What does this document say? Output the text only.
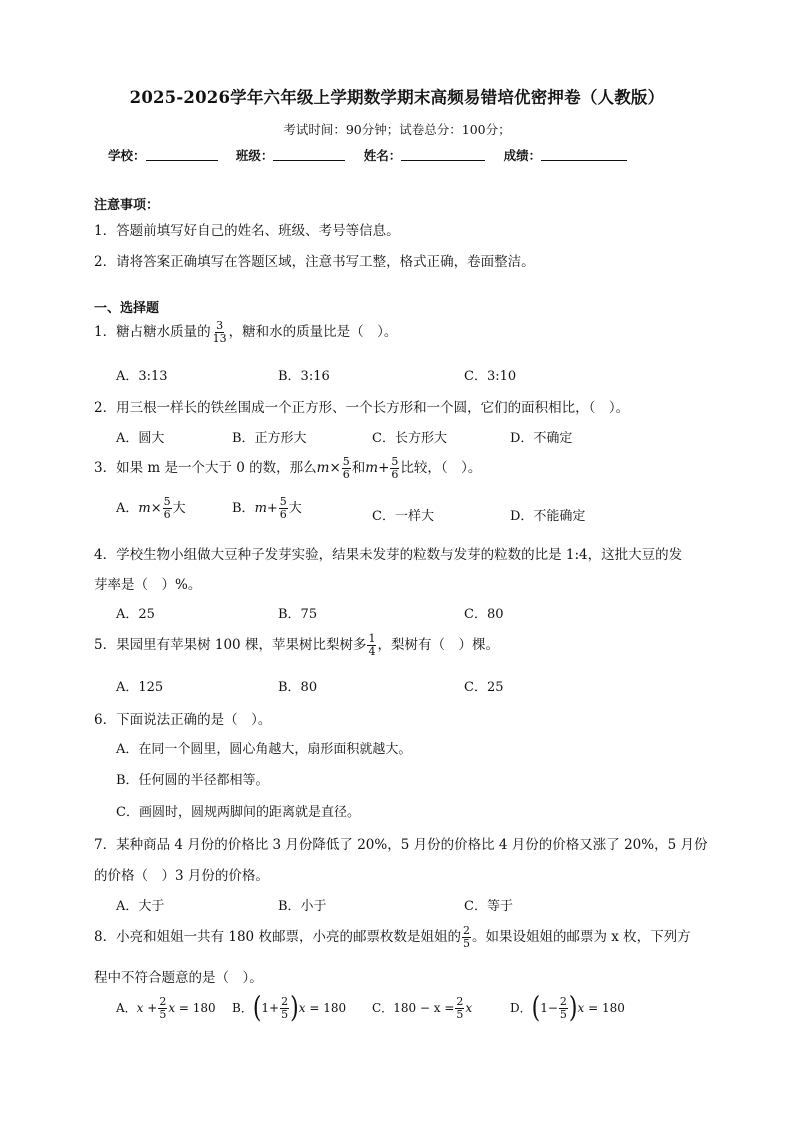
2025-2026学年六年级上学期数学期末高频易错培优密押卷（人教版）
考试时间：90分钟；试卷总分：100分；
学校：	班级：	姓名：	成绩：
注意事项：
1．答题前填写好自己的姓名、班级、考号等信息。
2．请将答案正确填写在答题区域，注意书写工整，格式正确，卷面整洁。
一、选择题
1．糖占糖水质量的 $\frac{3}{13}$ ，糖和水的质量比是（　）。
A．3:13	B．3:16	C．3:10
2．用三根一样长的铁丝围成一个正方形、一个长方形和一个圆，它们的面积相比，（　）。
A．圆大	B．正方形大	C．长方形大	D．不确定
3．如果 m 是一个大于 0 的数，那么$m\times \frac{5}{6}$ 和$m+ \frac{5}{6}$ 比较，（　）。
A．$m\times \frac{5}{6}$ 大	B．$m+ \frac{5}{6}$ 大
C．一样大	D．不能确定
4．学校生物小组做大豆种子发芽实验，结果未发芽的粒数与发芽的粒数的比是 1:4，这批大豆的发
芽率是（　）%。
A．25	B．75	C．80
5．果园里有苹果树 100 棵，苹果树比梨树多 $\frac{1}{4}$ ，梨树有（　）棵。
A．125	B．80	C．25
6．下面说法正确的是（　）。
A．在同一个圆里，圆心角越大，扇形面积就越大。
B．任何圆的半径都相等。
C．画圆时，圆规两脚间的距离就是直径。
7．某种商品 4 月份的价格比 3 月份降低了 20%，5 月份的价格比 4 月份的价格又涨了 20%，5 月份
的价格（　）3 月份的价格。
A．大于	B．小于	C．等于
8．小亮和姐姐一共有 180 枚邮票，小亮的邮票枚数是姐姐的 $\frac{2}{5}$ 。如果设姐姐的邮票为 x 枚，下列方
程中不符合题意的是（　）。
A．$x + \frac{2}{5}$ x = 180 B．$(1+ \frac{2}{5} )x = 180$ C．$180 - x = \frac{2}{5}$ x	D．$(1- \frac{2}{5} )x = 180$
